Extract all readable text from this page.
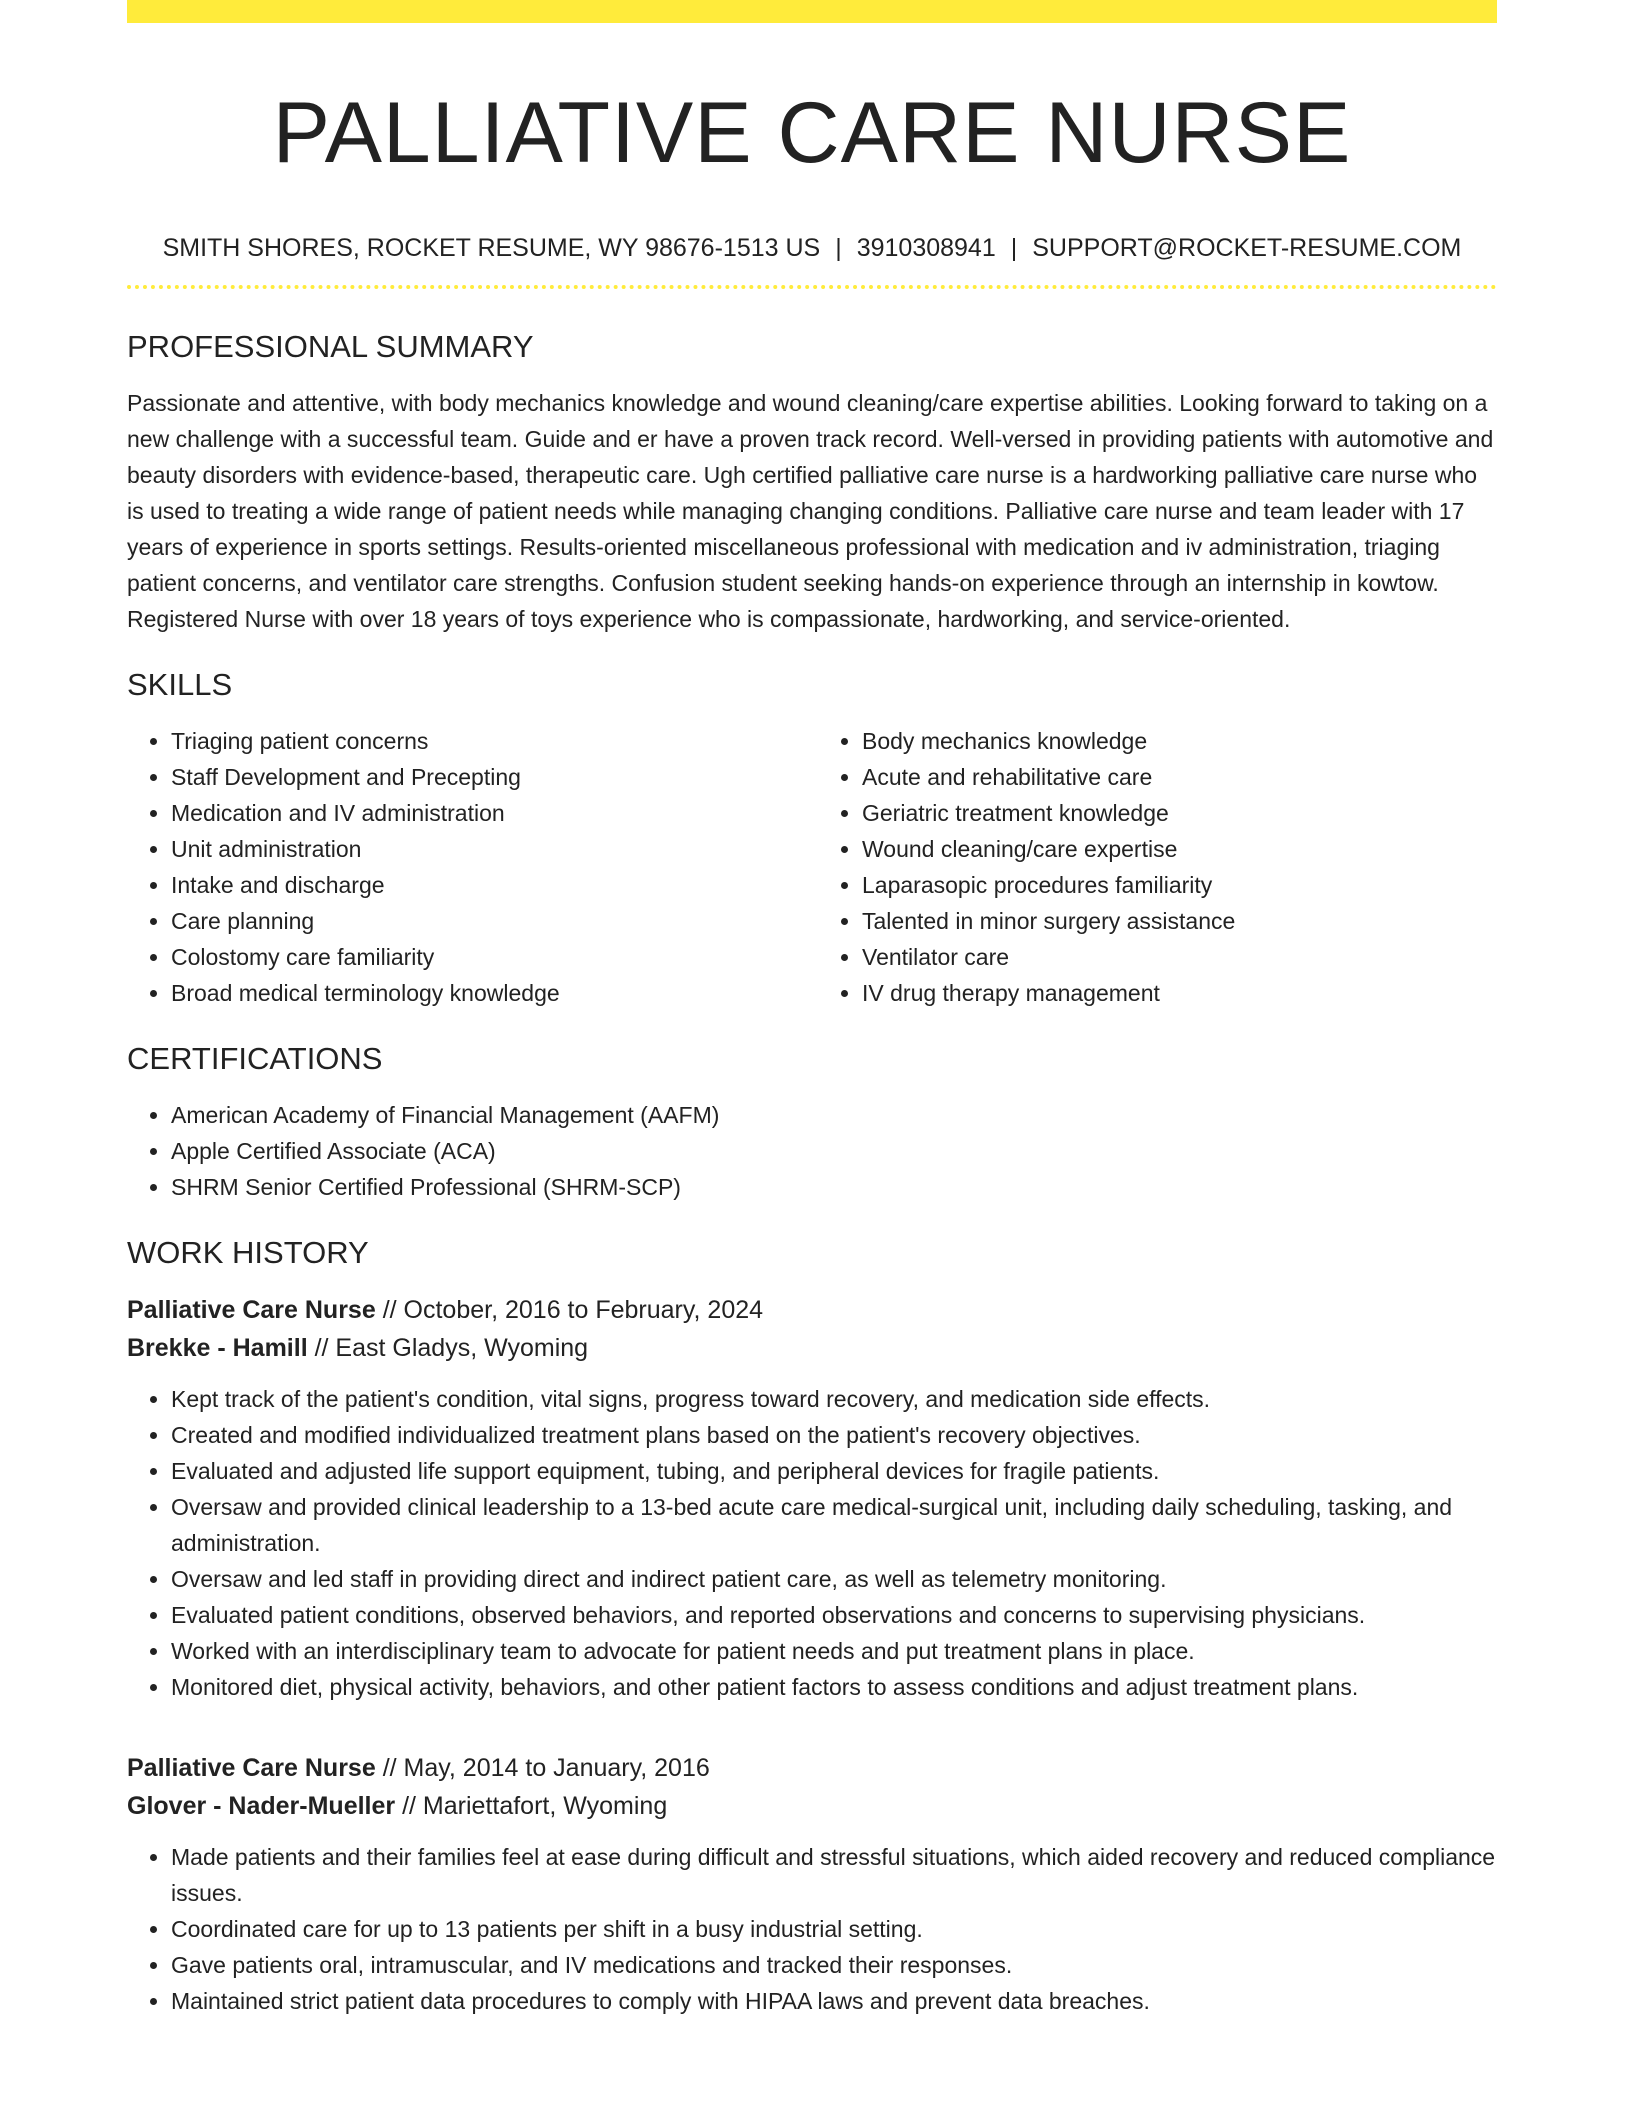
PALLIATIVE CARE NURSE
SMITH SHORES, ROCKET RESUME, WY 98676-1513 US | 3910308941 | SUPPORT@ROCKET-RESUME.COM
PROFESSIONAL SUMMARY

Passionate and attentive, with body mechanics knowledge and wound cleaning/care expertise abilities. Looking forward to taking on a new challenge with a successful team. Guide and er have a proven track record. Well-versed in providing patients with automotive and beauty disorders with evidence-based, therapeutic care. Ugh certified palliative care nurse is a hardworking palliative care nurse who is used to treating a wide range of patient needs while managing changing conditions. Palliative care nurse and team leader with 17 years of experience in sports settings. Results-oriented miscellaneous professional with medication and iv administration, triaging patient concerns, and ventilator care strengths. Confusion student seeking hands-on experience through an internship in kowtow. Registered Nurse with over 18 years of toys experience who is compassionate, hardworking, and service-oriented.

SKILLS
• Triaging patient concerns
• Staff Development and Precepting
• Medication and IV administration
• Unit administration
• Intake and discharge
• Care planning
• Colostomy care familiarity
• Broad medical terminology knowledge
• Body mechanics knowledge
• Acute and rehabilitative care
• Geriatric treatment knowledge
• Wound cleaning/care expertise
• Laparasopic procedures familiarity
• Talented in minor surgery assistance
• Ventilator care
• IV drug therapy management
CERTIFICATIONS
• American Academy of Financial Management (AAFM)
• Apple Certified Associate (ACA)
• SHRM Senior Certified Professional (SHRM-SCP)
WORK HISTORY
Palliative Care Nurse // October, 2016 to February, 2024
Brekke - Hamill // East Gladys, Wyoming
• Kept track of the patient's condition, vital signs, progress toward recovery, and medication side effects.
• Created and modified individualized treatment plans based on the patient's recovery objectives.
• Evaluated and adjusted life support equipment, tubing, and peripheral devices for fragile patients.
• Oversaw and provided clinical leadership to a 13-bed acute care medical-surgical unit, including daily scheduling, tasking, and administration.
• Oversaw and led staff in providing direct and indirect patient care, as well as telemetry monitoring.
• Evaluated patient conditions, observed behaviors, and reported observations and concerns to supervising physicians.
• Worked with an interdisciplinary team to advocate for patient needs and put treatment plans in place.
• Monitored diet, physical activity, behaviors, and other patient factors to assess conditions and adjust treatment plans.
Palliative Care Nurse // May, 2014 to January, 2016
Glover - Nader-Mueller // Mariettafort, Wyoming
• Made patients and their families feel at ease during difficult and stressful situations, which aided recovery and reduced compliance issues.
• Coordinated care for up to 13 patients per shift in a busy industrial setting.
• Gave patients oral, intramuscular, and IV medications and tracked their responses.
• Maintained strict patient data procedures to comply with HIPAA laws and prevent data breaches.
